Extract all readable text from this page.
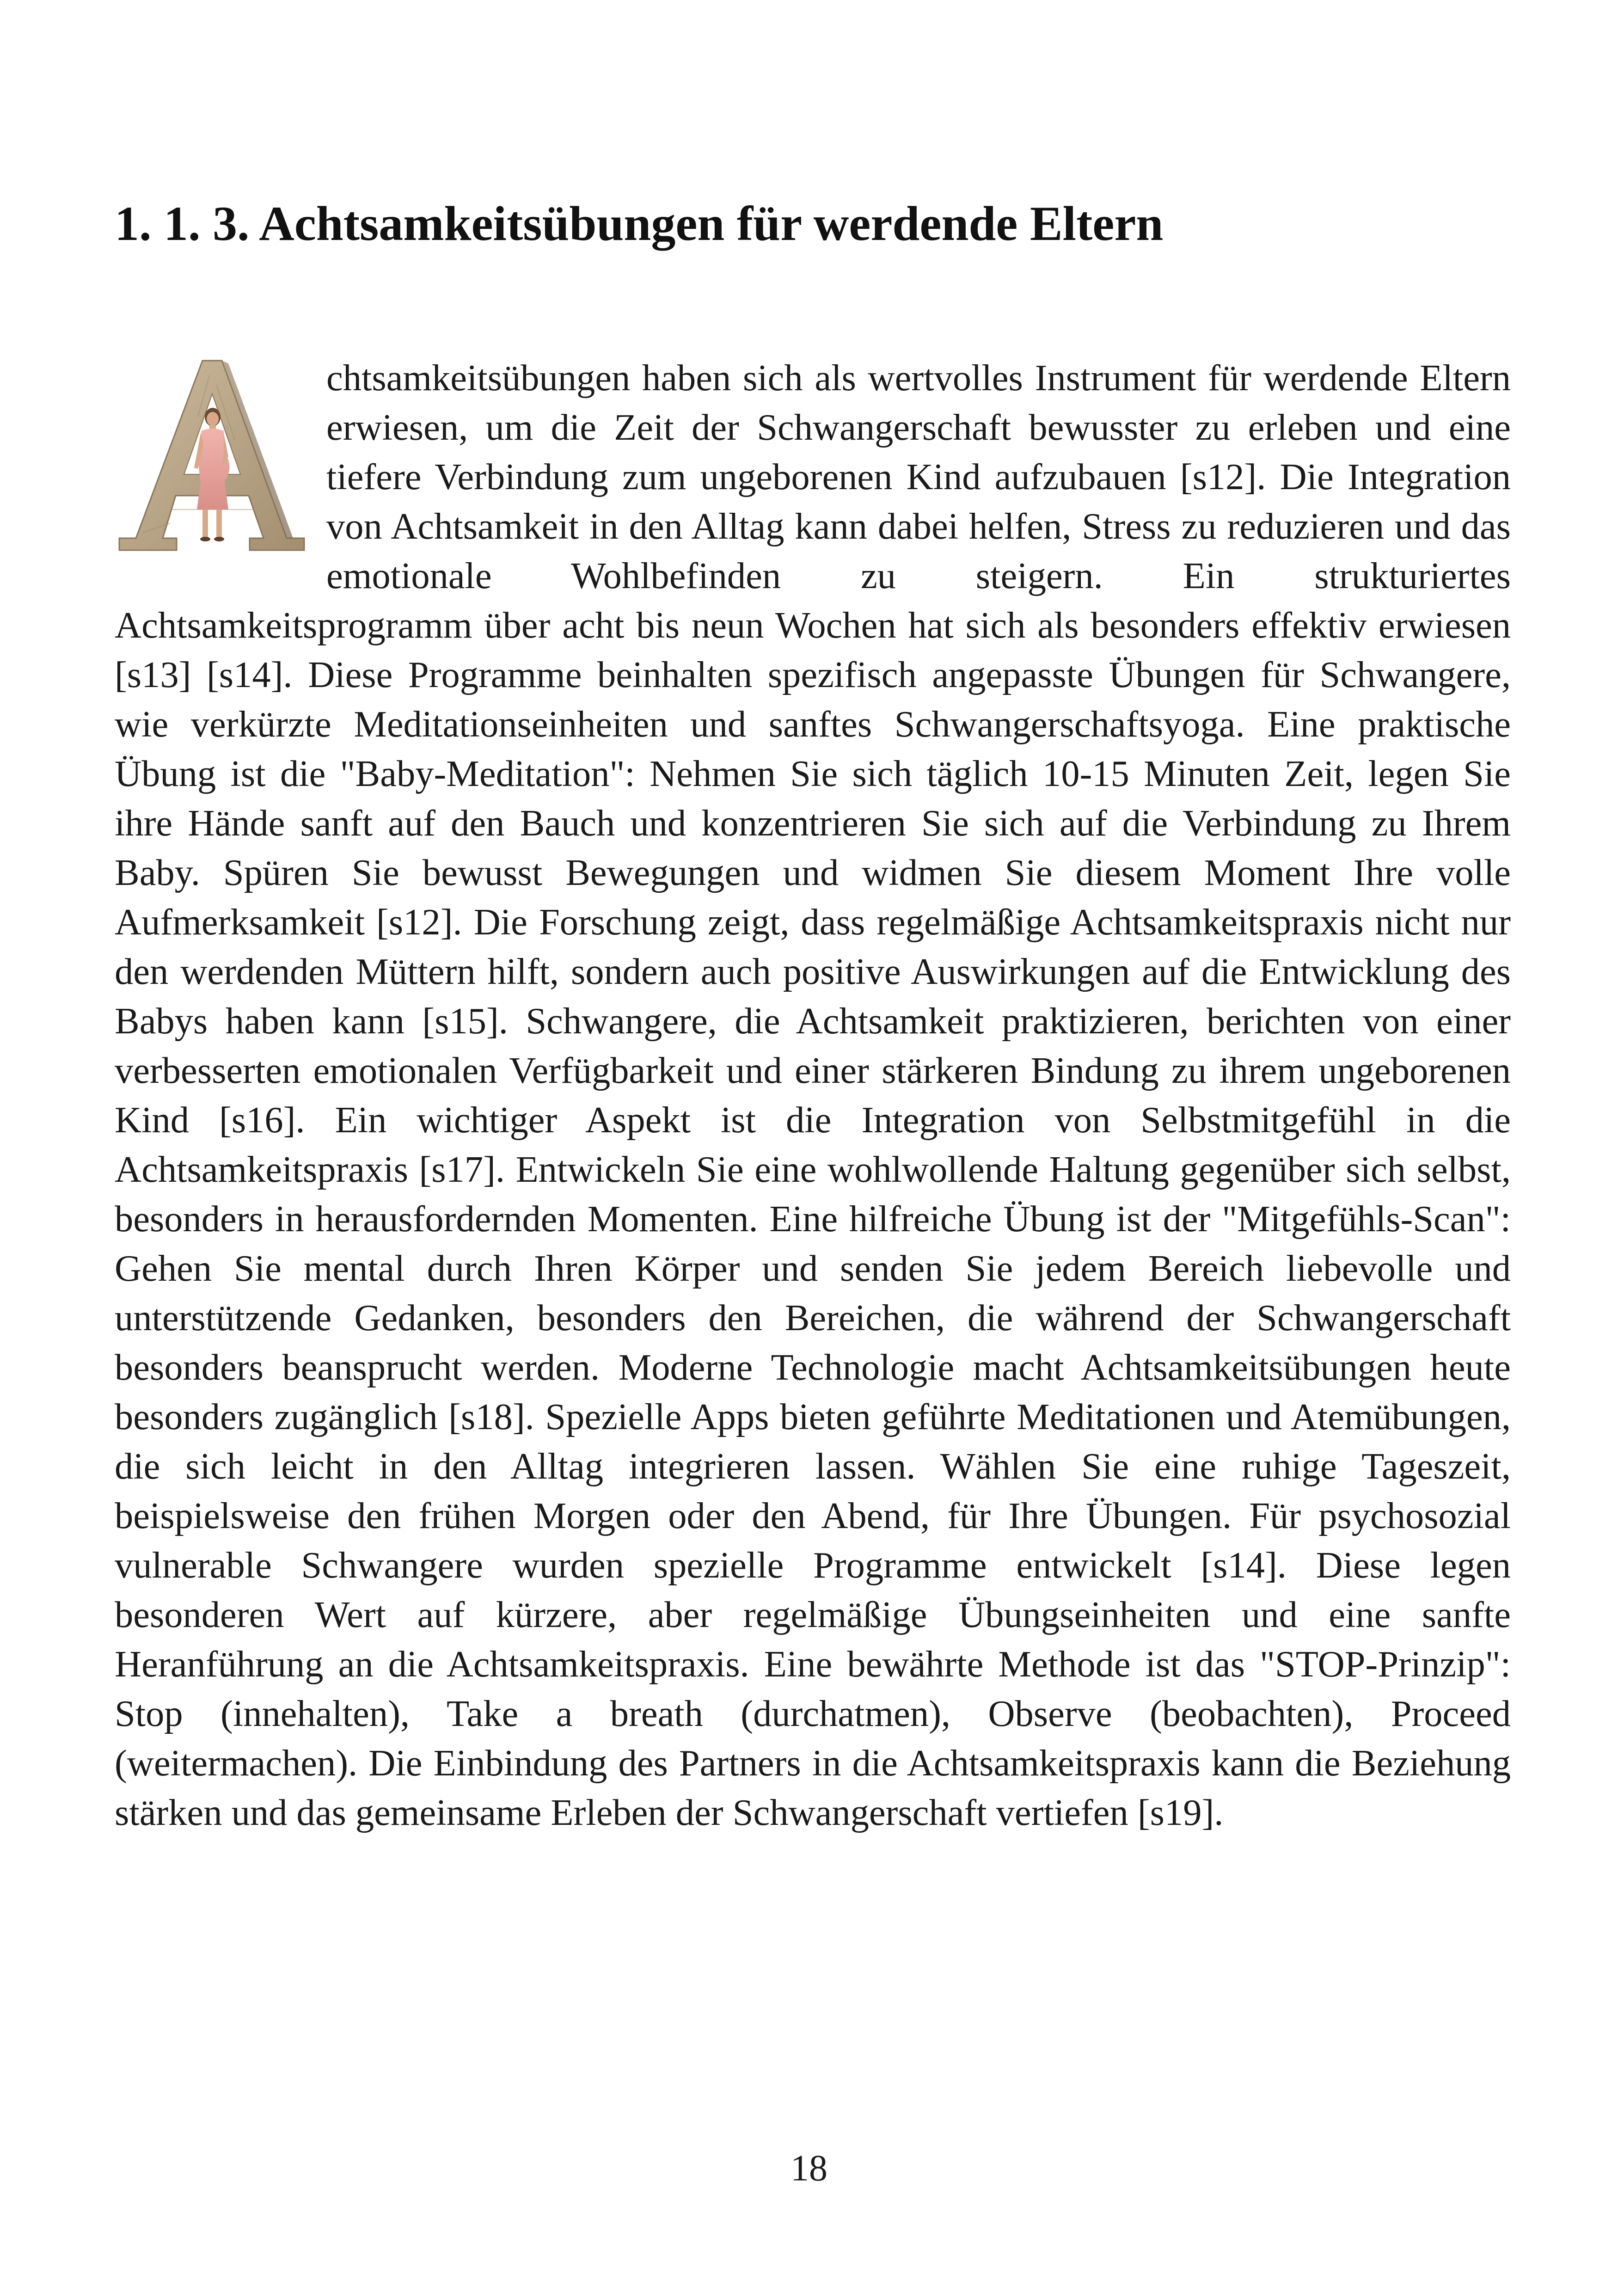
1. 1. 3. Achtsamkeitsübungen für werdende Eltern

chtsamkeitsübungen haben sich als wertvolles Instrument für werdende Eltern erwiesen, um die Zeit der Schwangerschaft bewusster zu erleben und eine tiefere Verbindung zum ungeborenen Kind aufzubauen [s12]. Die Integration von Achtsamkeit in den Alltag kann dabei helfen, Stress zu reduzieren und das emotionale Wohlbefinden zu steigern. Ein strukturiertes Achtsamkeitsprogramm über acht bis neun Wochen hat sich als besonders effektiv erwiesen [s13] [s14]. Diese Programme beinhalten spezifisch angepasste Übungen für Schwangere, wie verkürzte Meditationseinheiten und sanftes Schwangerschaftsyoga. Eine praktische Übung ist die "Baby-Meditation": Nehmen Sie sich täglich 10-15 Minuten Zeit, legen Sie ihre Hände sanft auf den Bauch und konzentrieren Sie sich auf die Verbindung zu Ihrem Baby. Spüren Sie bewusst Bewegungen und widmen Sie diesem Moment Ihre volle Aufmerksamkeit [s12]. Die Forschung zeigt, dass regelmäßige Achtsamkeitspraxis nicht nur den werdenden Müttern hilft, sondern auch positive Auswirkungen auf die Entwicklung des Babys haben kann [s15]. Schwangere, die Achtsamkeit praktizieren, berichten von einer verbesserten emotionalen Verfügbarkeit und einer stärkeren Bindung zu ihrem ungeborenen Kind [s16]. Ein wichtiger Aspekt ist die Integration von Selbstmitgefühl in die Achtsamkeitspraxis [s17]. Entwickeln Sie eine wohlwollende Haltung gegenüber sich selbst, besonders in herausfordernden Momenten. Eine hilfreiche Übung ist der "Mitgefühls-Scan": Gehen Sie mental durch Ihren Körper und senden Sie jedem Bereich liebevolle und unterstützende Gedanken, besonders den Bereichen, die während der Schwangerschaft besonders beansprucht werden. Moderne Technologie macht Achtsamkeitsübungen heute besonders zugänglich [s18]. Spezielle Apps bieten geführte Meditationen und Atemübungen, die sich leicht in den Alltag integrieren lassen. Wählen Sie eine ruhige Tageszeit, beispielsweise den frühen Morgen oder den Abend, für Ihre Übungen. Für psychosozial vulnerable Schwangere wurden spezielle Programme entwickelt [s14]. Diese legen besonderen Wert auf kürzere, aber regelmäßige Übungseinheiten und eine sanfte Heranführung an die Achtsamkeitspraxis. Eine bewährte Methode ist das "STOP-Prinzip": Stop (innehalten), Take a breath (durchatmen), Observe (beobachten), Proceed (weitermachen). Die Einbindung des Partners in die Achtsamkeitspraxis kann die Beziehung stärken und das gemeinsame Erleben der Schwangerschaft vertiefen [s19].

18
